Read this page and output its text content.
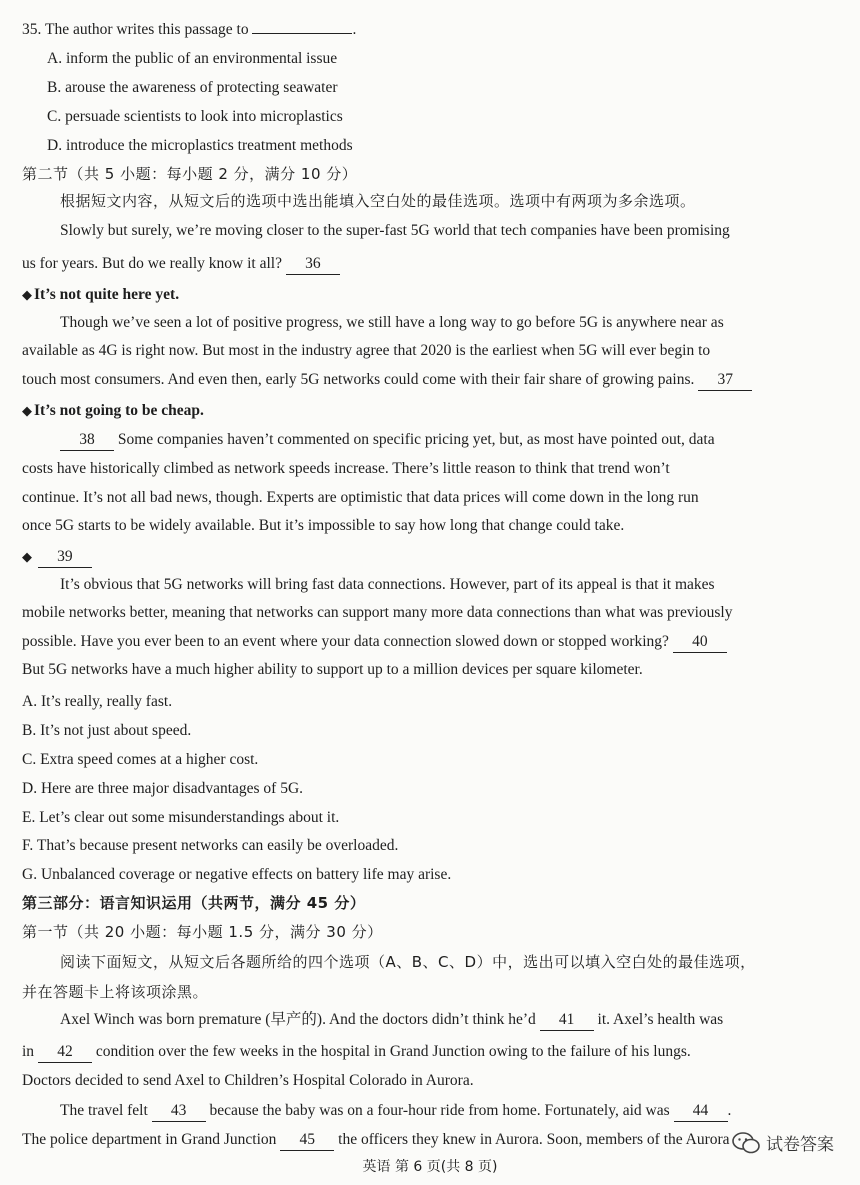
35. The author writes this passage to	.
A. inform the public of an environmental issue
B. arouse the awareness of protecting seawater
C. persuade scientists to look into microplastics
D. introduce the microplastics treatment methods
第二节（共 5 小题：每小题 2 分，满分 10 分）
根据短文内容，从短文后的选项中选出能填入空白处的最佳选项。选项中有两项为多余选项。
Slowly but surely, we’re moving closer to the super-fast 5G world that tech companies have been promising
us for years. But do we really know it all? 36
◆ It’s not quite here yet.
Though we’ve seen a lot of positive progress, we still have a long way to go before 5G is anywhere near as
available as 4G is right now. But most in the industry agree that 2020 is the earliest when 5G will ever begin to
touch most consumers. And even then, early 5G networks could come with their fair share of growing pains. 37
◆ It’s not going to be cheap.
38 Some companies haven’t commented on specific pricing yet, but, as most have pointed out, data
costs have historically climbed as network speeds increase. There’s little reason to think that trend won’t
continue. It’s not all bad news, though. Experts are optimistic that data prices will come down in the long run
once 5G starts to be widely available. But it’s impossible to say how long that change could take.
◆ 39
It’s obvious that 5G networks will bring fast data connections. However, part of its appeal is that it makes
mobile networks better, meaning that networks can support many more data connections than what was previously
possible. Have you ever been to an event where your data connection slowed down or stopped working? 40
But 5G networks have a much higher ability to support up to a million devices per square kilometer.
A. It’s really, really fast.
B. It’s not just about speed.
C. Extra speed comes at a higher cost.
D. Here are three major disadvantages of 5G.
E. Let’s clear out some misunderstandings about it.
F. That’s because present networks can easily be overloaded.
G. Unbalanced coverage or negative effects on battery life may arise.
第三部分：语言知识运用（共两节，满分 45 分）
第一节（共 20 小题：每小题 1.5 分，满分 30 分）
阅读下面短文，从短文后各题所给的四个选项（A、B、C、D）中，选出可以填入空白处的最佳选项，
并在答题卡上将该项涂黑。
Axel Winch was born premature (早产的). And the doctors didn’t think he’d 41 it. Axel’s health was
in 42 condition over the few weeks in the hospital in Grand Junction owing to the failure of his lungs.
Doctors decided to send Axel to Children’s Hospital Colorado in Aurora.
The travel felt 43 because the baby was on a four-hour ride from home. Fortunately, aid was 44 .
The police department in Grand Junction 45 the officers they knew in Aurora. Soon, members of the Aurora	试卷答案
英语 第 6 页(共 8 页)
